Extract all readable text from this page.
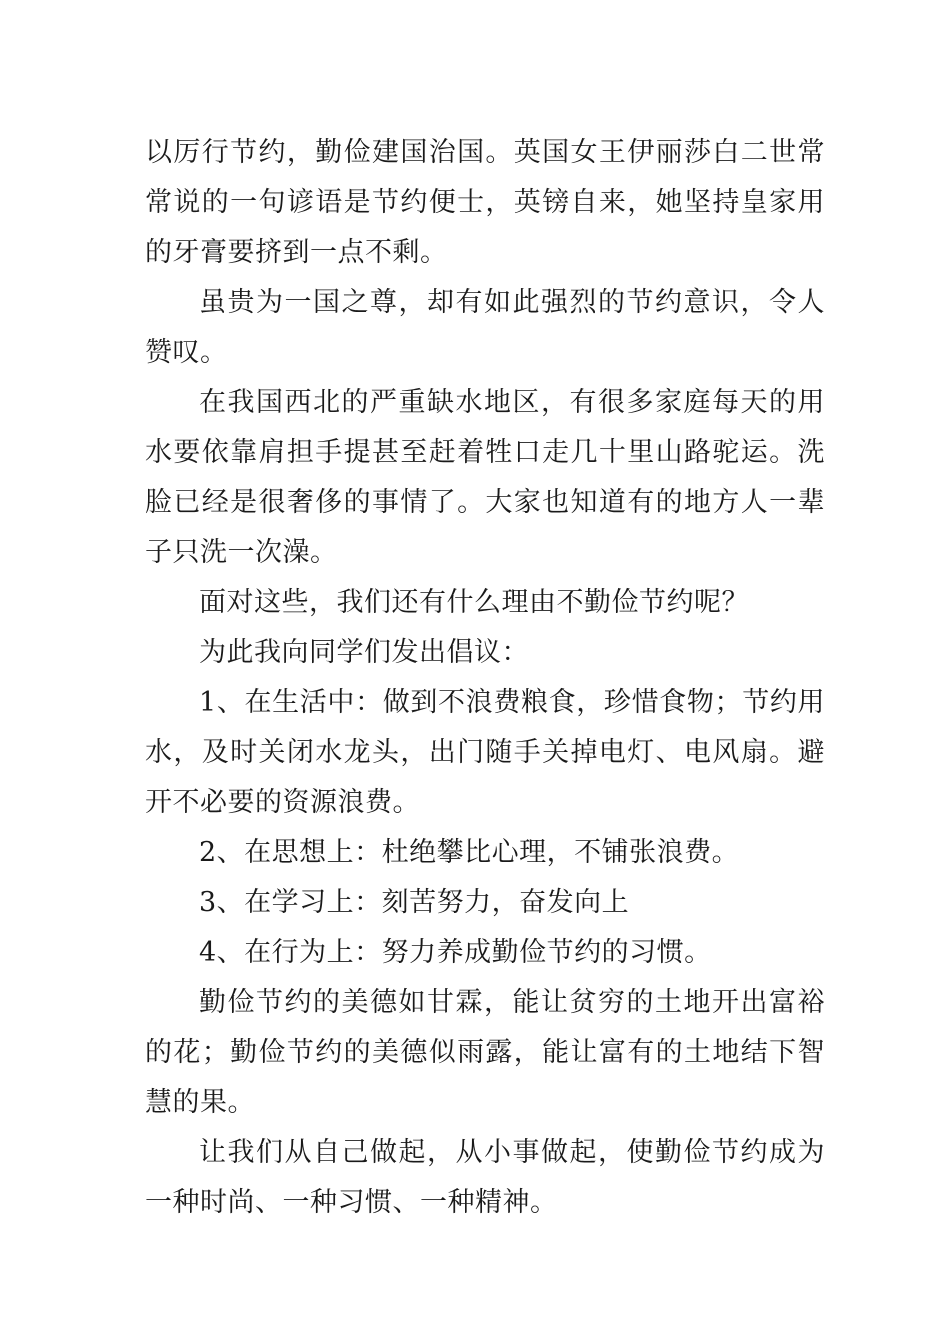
以厉行节约，勤俭建国治国。英国女王伊丽莎白二世常常说的一句谚语是节约便士，英镑自来，她坚持皇家用的牙膏要挤到一点不剩。

虽贵为一国之尊，却有如此强烈的节约意识，令人赞叹。

在我国西北的严重缺水地区，有很多家庭每天的用水要依靠肩担手提甚至赶着牲口走几十里山路驼运。洗脸已经是很奢侈的事情了。大家也知道有的地方人一辈子只洗一次澡。

面对这些，我们还有什么理由不勤俭节约呢？

为此我向同学们发出倡议：

1、在生活中：做到不浪费粮食，珍惜食物；节约用水，及时关闭水龙头，出门随手关掉电灯、电风扇。避开不必要的资源浪费。

2、在思想上：杜绝攀比心理，不铺张浪费。

3、在学习上：刻苦努力，奋发向上

4、在行为上：努力养成勤俭节约的习惯。

勤俭节约的美德如甘霖，能让贫穷的土地开出富裕的花；勤俭节约的美德似雨露，能让富有的土地结下智慧的果。

让我们从自己做起，从小事做起，使勤俭节约成为一种时尚、一种习惯、一种精神。
